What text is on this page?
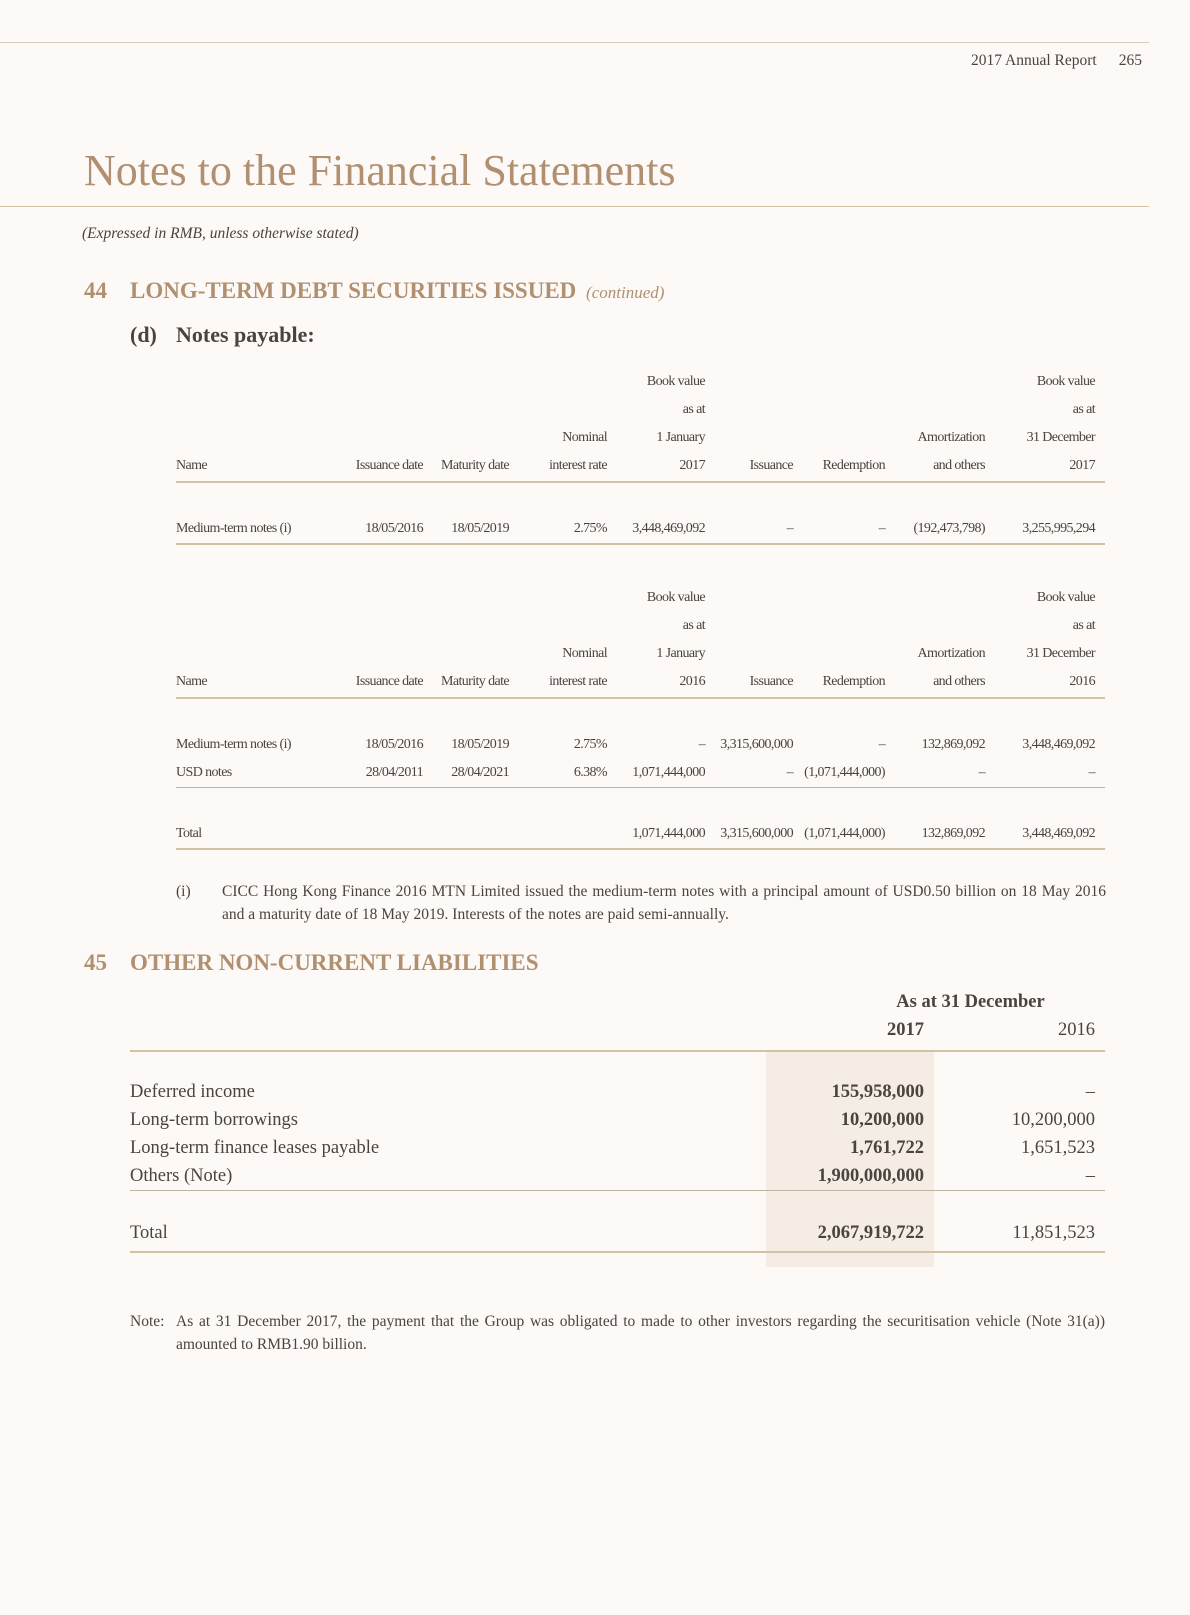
2017 Annual Report 265
Notes to the Financial Statements
(Expressed in RMB, unless otherwise stated)
44 LONG-TERM DEBT SECURITIES ISSUED (continued)
(d) Notes payable:
				Book value				Book value
				as at				as at
			Nominal	1 January			Amortization	31 December
Name	Issuance date	Maturity date	interest rate	2017	Issuance	Redemption	and others	2017

Medium-term notes (i)	18/05/2016	18/05/2019	2.75%	3,448,469,092	–	–	(192,473,798)	3,255,995,294
				Book value				Book value
				as at				as at
			Nominal	1 January			Amortization	31 December
Name	Issuance date	Maturity date	interest rate	2016	Issuance	Redemption	and others	2016

Medium-term notes (i)	18/05/2016	18/05/2019	2.75%	–	3,315,600,000	–	132,869,092	3,448,469,092
USD notes	28/04/2011	28/04/2021	6.38%	1,071,444,000	–	(1,071,444,000)	–	–

Total				1,071,444,000	3,315,600,000	(1,071,444,000)	132,869,092	3,448,469,092
(i) CICC Hong Kong Finance 2016 MTN Limited issued the medium-term notes with a principal amount of USD0.50 billion on 18 May 2016 and a maturity date of 18 May 2019. Interests of the notes are paid semi-annually.
45 OTHER NON-CURRENT LIABILITIES
	As at 31 December	
	2017	2016

Deferred income	155,958,000	–
Long-term borrowings	10,200,000	10,200,000
Long-term finance leases payable	1,761,722	1,651,523
Others (Note)	1,900,000,000	–
Total	2,067,919,722	11,851,523
Note: As at 31 December 2017, the payment that the Group was obligated to made to other investors regarding the securitisation vehicle (Note 31(a)) amounted to RMB1.90 billion.
